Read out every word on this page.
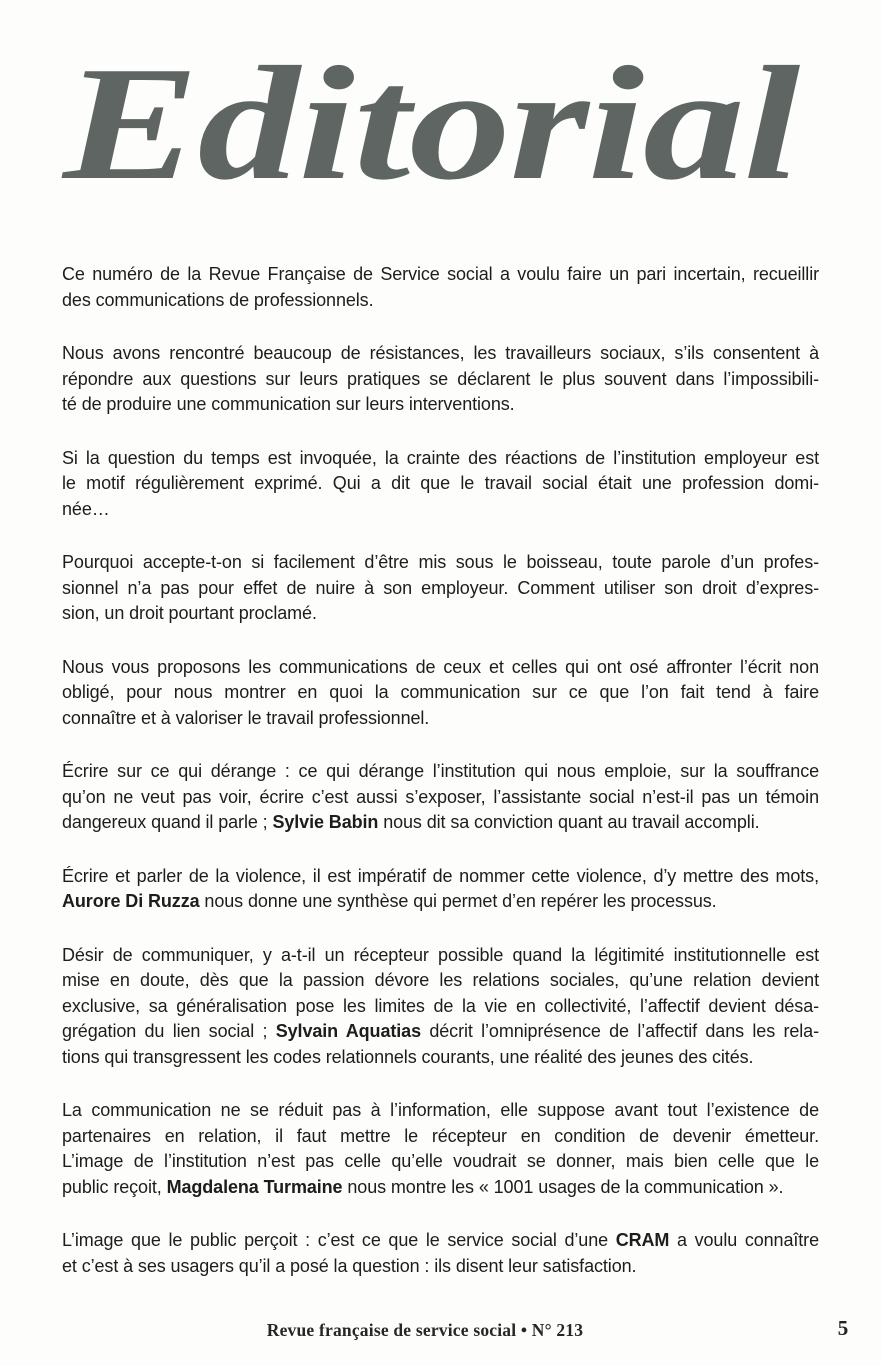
Editorial
Ce numéro de la Revue Française de Service social a voulu faire un pari incertain, recueillir
des communications de professionnels.
Nous avons rencontré beaucoup de résistances, les travailleurs sociaux, s’ils consentent à
répondre aux questions sur leurs pratiques se déclarent le plus souvent dans l’impossibili-
té de produire une communication sur leurs interventions.
Si la question du temps est invoquée, la crainte des réactions de l’institution employeur est
le motif régulièrement exprimé. Qui a dit que le travail social était une profession domi-
née…
Pourquoi accepte-t-on si facilement d’être mis sous le boisseau, toute parole d’un profes-
sionnel n’a pas pour effet de nuire à son employeur. Comment utiliser son droit d’expres-
sion, un droit pourtant proclamé.
Nous vous proposons les communications de ceux et celles qui ont osé affronter l’écrit non
obligé, pour nous montrer en quoi la communication sur ce que l’on fait tend à faire
connaître et à valoriser le travail professionnel.
Écrire sur ce qui dérange : ce qui dérange l’institution qui nous emploie, sur la souffrance
qu’on ne veut pas voir, écrire c’est aussi s’exposer, l’assistante social n’est-il pas un témoin
dangereux quand il parle ; Sylvie Babin nous dit sa conviction quant au travail accompli.
Écrire et parler de la violence, il est impératif de nommer cette violence, d’y mettre des mots,
Aurore Di Ruzza nous donne une synthèse qui permet d’en repérer les processus.
Désir de communiquer, y a-t-il un récepteur possible quand la légitimité institutionnelle est
mise en doute, dès que la passion dévore les relations sociales, qu’une relation devient
exclusive, sa généralisation pose les limites de la vie en collectivité, l’affectif devient désa-
grégation du lien social ; Sylvain Aquatias décrit l’omniprésence de l’affectif dans les rela-
tions qui transgressent les codes relationnels courants, une réalité des jeunes des cités.
La communication ne se réduit pas à l’information, elle suppose avant tout l’existence de
partenaires en relation, il faut mettre le récepteur en condition de devenir émetteur.
L’image de l’institution n’est pas celle qu’elle voudrait se donner, mais bien celle que le
public reçoit, Magdalena Turmaine nous montre les « 1001 usages de la communication ».
L’image que le public perçoit : c’est ce que le service social d’une CRAM a voulu connaître
et c’est à ses usagers qu’il a posé la question : ils disent leur satisfaction.
Revue française de service social • N° 213	5
